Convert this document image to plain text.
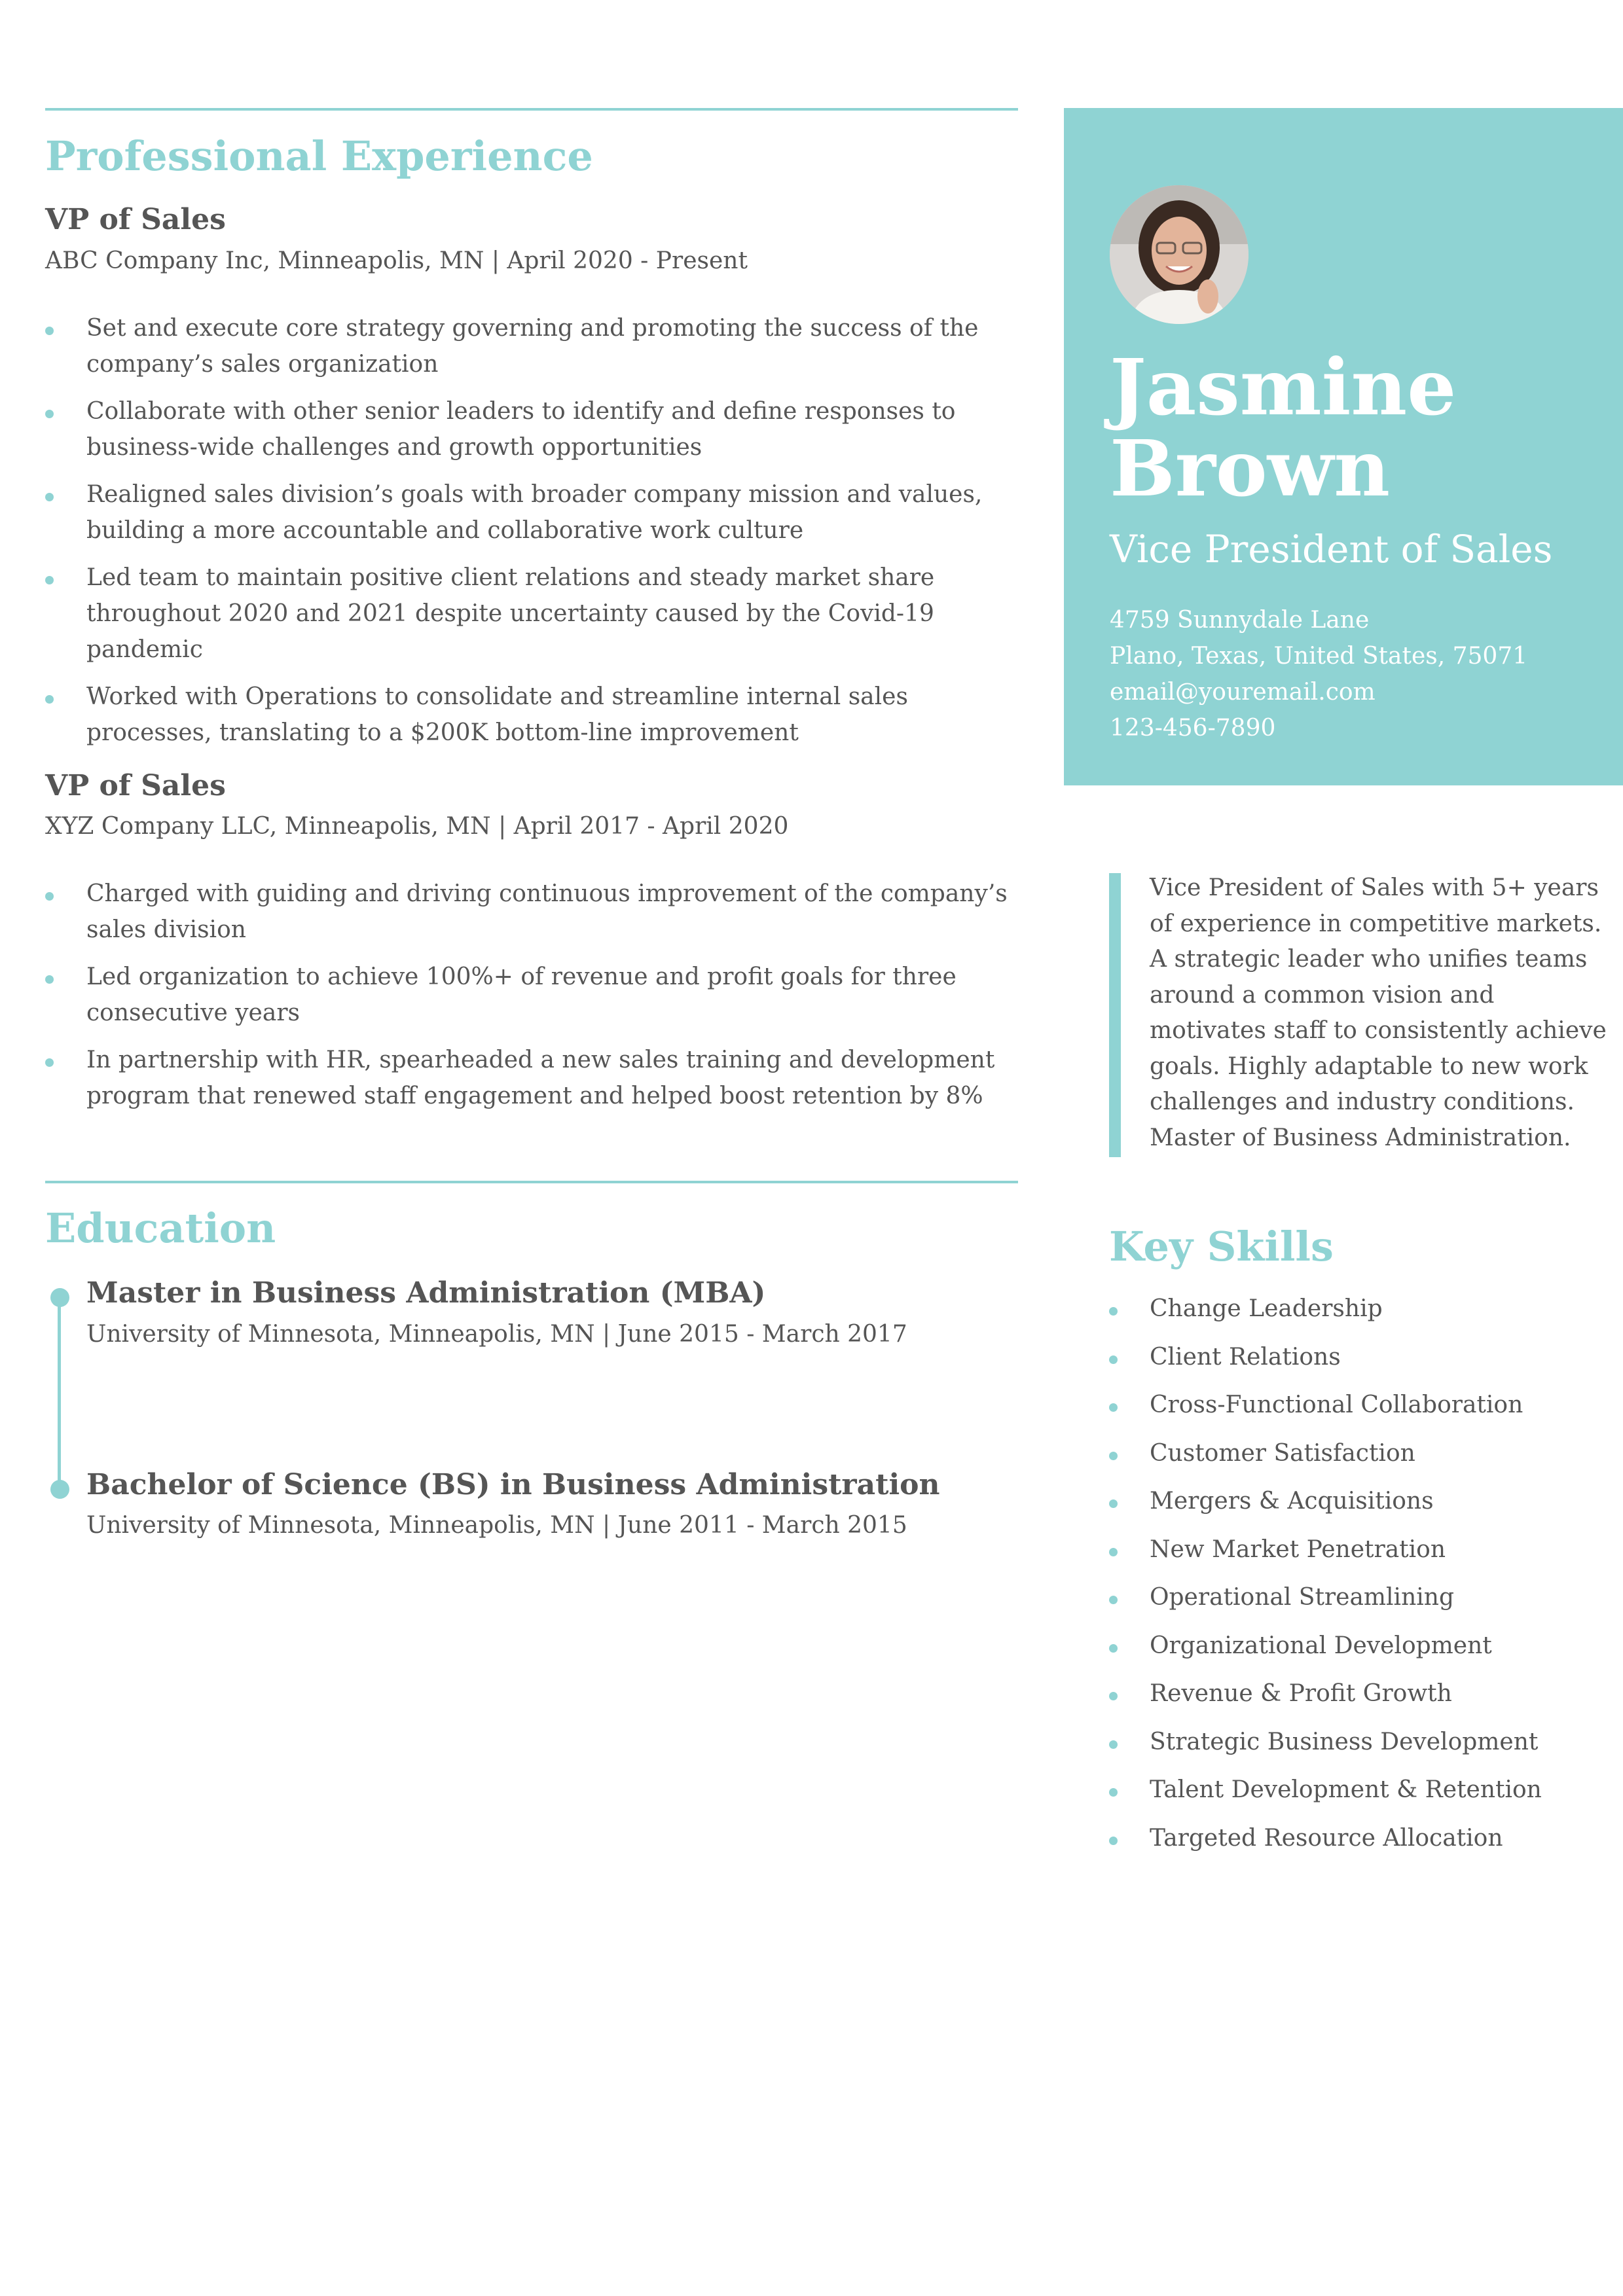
Professional Experience
VP of Sales

ABC Company Inc, Minneapolis, MN | April 2020 - Present

Set and execute core strategy governing and promoting the success of the company’s sales organization
Collaborate with other senior leaders to identify and define responses to business-wide challenges and growth opportunities
Realigned sales division’s goals with broader company mission and values, building a more accountable and collaborative work culture
Led team to maintain positive client relations and steady market share throughout 2020 and 2021 despite uncertainty caused by the Covid-19 pandemic
Worked with Operations to consolidate and streamline internal sales processes, translating to a $200K bottom-line improvement
VP of Sales

XYZ Company LLC, Minneapolis, MN | April 2017 - April 2020

Charged with guiding and driving continuous improvement of the company’s sales division
Led organization to achieve 100%+ of revenue and profit goals for three consecutive years
In partnership with HR, spearheaded a new sales training and development program that renewed staff engagement and helped boost retention by 8%
Education
Master in Business Administration (MBA)

University of Minnesota, Minneapolis, MN | June 2015 - March 2017

Bachelor of Science (BS) in Business Administration

University of Minnesota, Minneapolis, MN | June 2011 - March 2015

Jasmine
Brown

Vice President of Sales

4759 Sunnydale Lane
Plano, Texas, United States, 75071
email@youremail.com
123-456-7890

Vice President of Sales with 5+ years of experience in competitive markets. A strategic leader who unifies teams around a common vision and motivates staff to consistently achieve goals. Highly adaptable to new work challenges and industry conditions. Master of Business Administration.

Key Skills
Change Leadership
Client Relations
Cross-Functional Collaboration
Customer Satisfaction
Mergers & Acquisitions
New Market Penetration
Operational Streamlining
Organizational Development
Revenue & Profit Growth
Strategic Business Development
Talent Development & Retention
Targeted Resource Allocation
